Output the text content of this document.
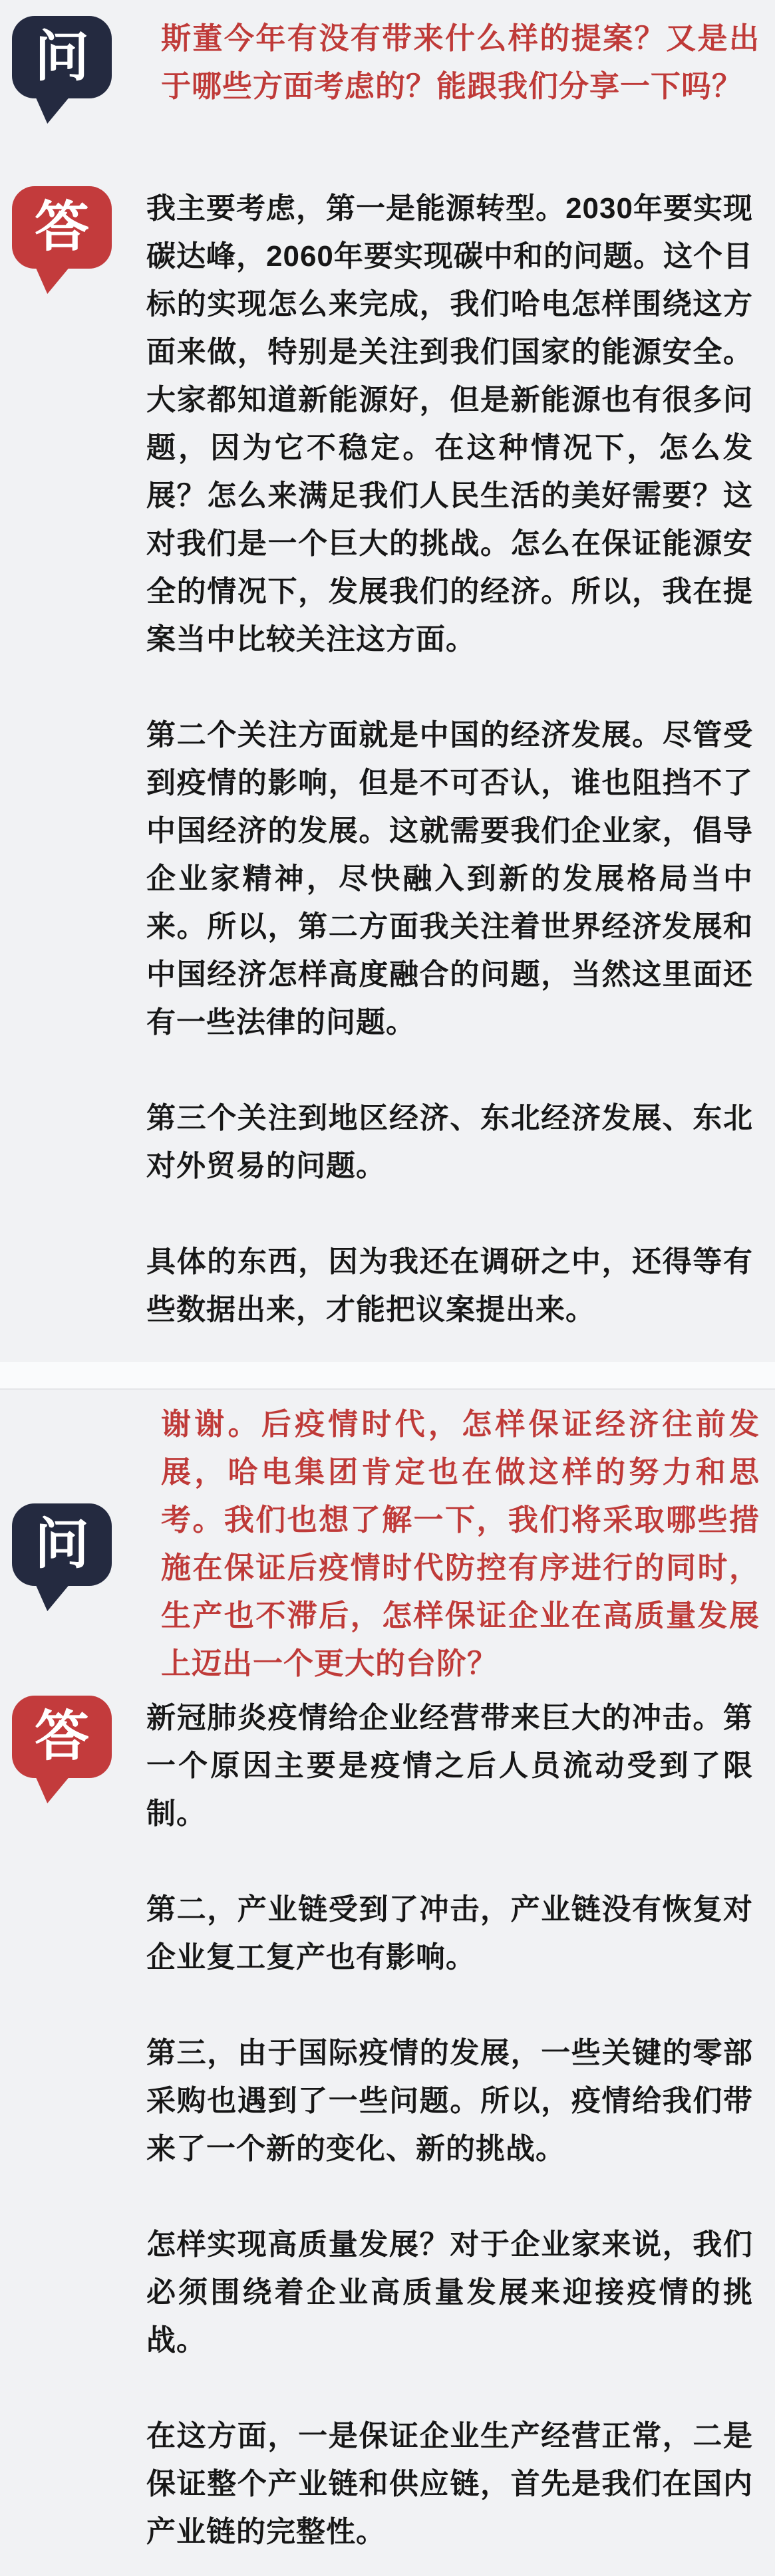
问 斯董今年有没有带来什么样的提案？又是出于哪些方面考虑的？能跟我们分享一下吗？
答 我主要考虑，第一是能源转型。2030年要实现碳达峰，2060年要实现碳中和的问题。这个目标的实现怎么来完成，我们哈电怎样围绕这方面来做，特别是关注到我们国家的能源安全。大家都知道新能源好，但是新能源也有很多问题，因为它不稳定。在这种情况下，怎么发展？怎么来满足我们人民生活的美好需要？这对我们是一个巨大的挑战。怎么在保证能源安全的情况下，发展我们的经济。所以，我在提案当中比较关注这方面。

第二个关注方面就是中国的经济发展。尽管受到疫情的影响，但是不可否认，谁也阻挡不了中国经济的发展。这就需要我们企业家，倡导企业家精神，尽快融入到新的发展格局当中来。所以，第二方面我关注着世界经济发展和中国经济怎样高度融合的问题，当然这里面还有一些法律的问题。

第三个关注到地区经济、东北经济发展、东北对外贸易的问题。

具体的东西，因为我还在调研之中，还得等有些数据出来，才能把议案提出来。

问
谢谢。后疫情时代，怎样保证经济往前发展，哈电集团肯定也在做这样的努力和思考。我们也想了解一下，我们将采取哪些措施在保证后疫情时代防控有序进行的同时，生产也不滞后，怎样保证企业在高质量发展上迈出一个更大的台阶？
答 新冠肺炎疫情给企业经营带来巨大的冲击。第一个原因主要是疫情之后人员流动受到了限制。

第二，产业链受到了冲击，产业链没有恢复对企业复工复产也有影响。

第三，由于国际疫情的发展，一些关键的零部采购也遇到了一些问题。所以，疫情给我们带来了一个新的变化、新的挑战。

怎样实现高质量发展？对于企业家来说，我们必须围绕着企业高质量发展来迎接疫情的挑战。

在这方面，一是保证企业生产经营正常，二是保证整个产业链和供应链，首先是我们在国内产业链的完整性。
